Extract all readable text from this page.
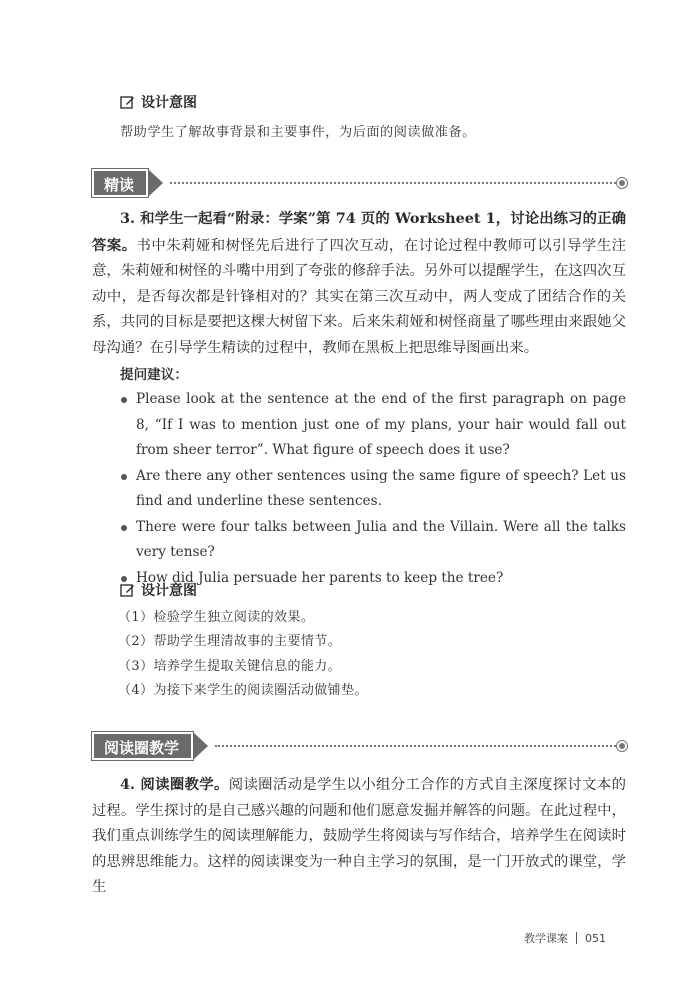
设计意图
帮助学生了解故事背景和主要事件，为后面的阅读做准备。
精读
3. 和学生一起看“附录：学案”第 74 页的 Worksheet 1，讨论出练习的正确答案。书中朱莉娅和树怪先后进行了四次互动，在讨论过程中教师可以引导学生注意，朱莉娅和树怪的斗嘴中用到了夸张的修辞手法。另外可以提醒学生，在这四次互动中，是否每次都是针锋相对的？其实在第三次互动中，两人变成了团结合作的关系，共同的目标是要把这棵大树留下来。后来朱莉娅和树怪商量了哪些理由来跟她父母沟通？在引导学生精读的过程中，教师在黑板上把思维导图画出来。
提问建议：
Please look at the sentence at the end of the first paragraph on page 8, “If I was to mention just one of my plans, your hair would fall out from sheer terror”. What figure of speech does it use?
Are there any other sentences using the same figure of speech? Let us find and underline these sentences.
There were four talks between Julia and the Villain. Were all the talks very tense?
How did Julia persuade her parents to keep the tree?
设计意图
（1）检验学生独立阅读的效果。
（2）帮助学生理清故事的主要情节。
（3）培养学生提取关键信息的能力。
（4）为接下来学生的阅读圈活动做铺垫。
阅读圈教学
4. 阅读圈教学。阅读圈活动是学生以小组分工合作的方式自主深度探讨文本的过程。学生探讨的是自己感兴趣的问题和他们愿意发掘并解答的问题。在此过程中，我们重点训练学生的阅读理解能力，鼓励学生将阅读与写作结合，培养学生在阅读时的思辨思维能力。这样的阅读课变为一种自主学习的氛围，是一门开放式的课堂，学生
教学课案 051
